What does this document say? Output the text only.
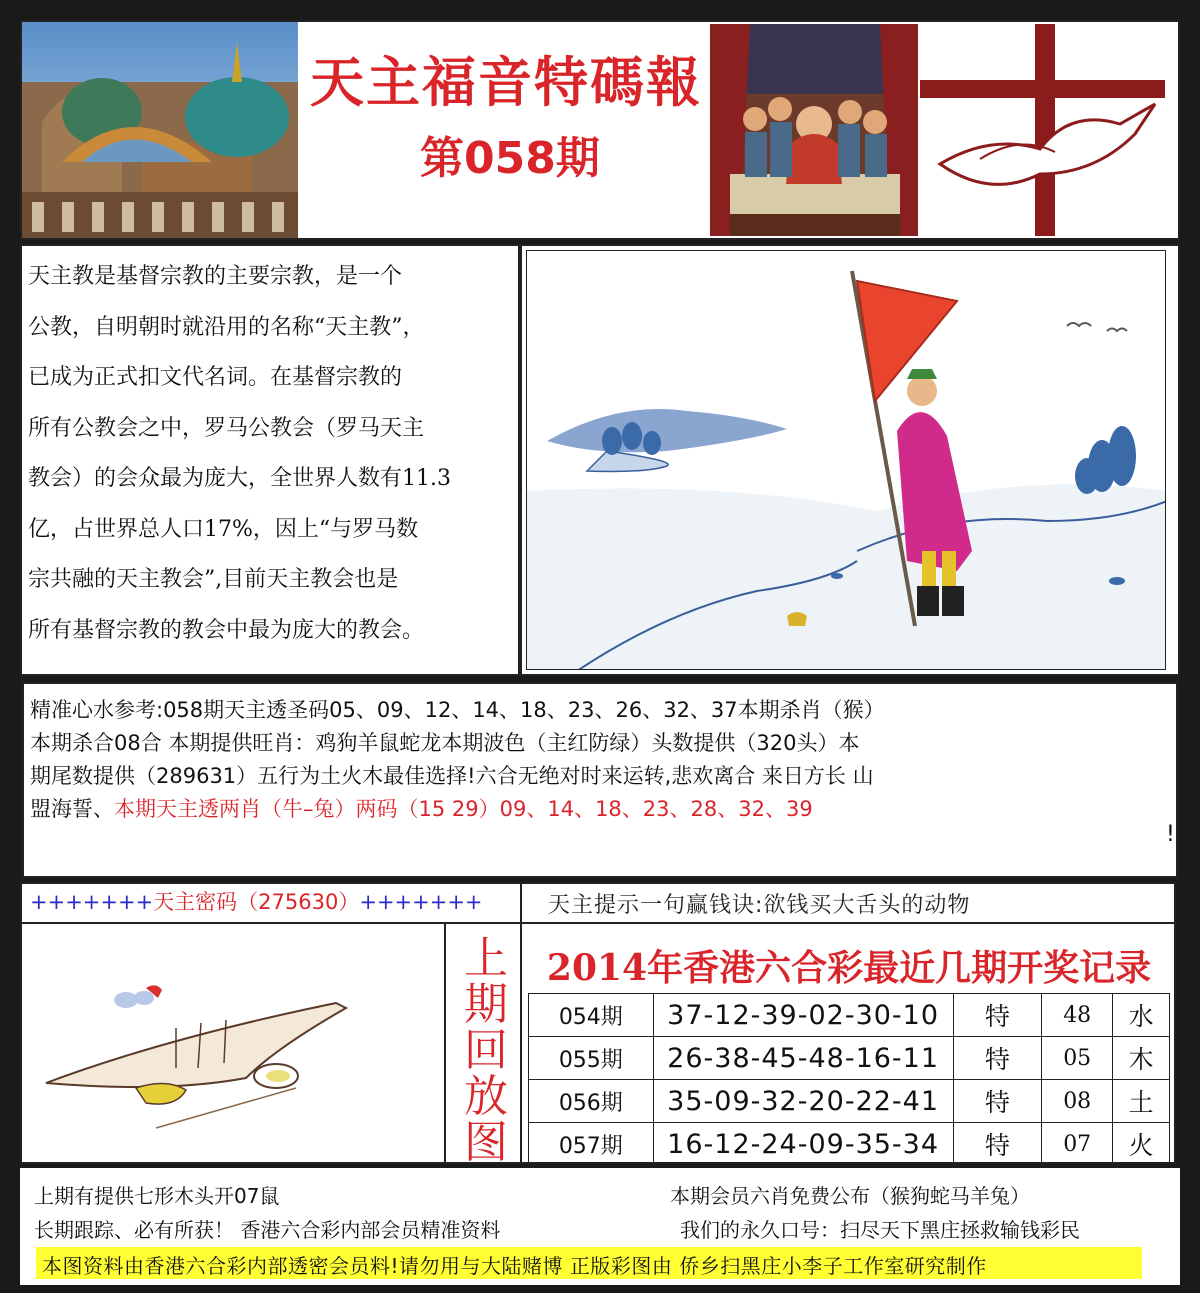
天主福音特碼報
第058期
天主教是基督宗教的主要宗教，是一个
公教，自明朝时就沿用的名称“天主教”，
已成为正式扣文代名词。在基督宗教的
所有公教会之中，罗马公教会（罗马天主
教会）的会众最为庞大，全世界人数有11.3
亿，占世界总人口17%，因上“与罗马数
宗共融的天主教会”,目前天主教会也是
所有基督宗教的教会中最为庞大的教会。
精准心水参考:058期天主透圣码05、09、12、14、18、23、26、32、37本期杀肖（猴）
本期杀合08合 本期提供旺肖：鸡狗羊鼠蛇龙本期波色（主红防绿）头数提供（320头）本
期尾数提供（289631）五行为土火木最佳选择!六合无绝对时来运转,悲欢离合 来日方长 山
盟海誓、本期天主透两肖（牛–兔）两码（15 29）09、14、18、23、28、32、39
!
+++++++天主密码（275630）+++++++	天主提示一句赢钱诀:欲钱买大舌头的动物
上
期
回
放
图
2014年香港六合彩最近几期开奖记录
054期	37-12-39-02-30-10	特	48	水
055期	26-38-45-48-16-11	特	05	木
056期	35-09-32-20-22-41	特	08	土
057期	16-12-24-09-35-34	特	07	火
上期有提供七形木头开07鼠	本期会员六肖免费公布（猴狗蛇马羊兔）
长期跟踪、必有所获！ 香港六合彩内部会员精准资料	我们的永久口号：扫尽天下黑庄拯救输钱彩民
本图资料由香港六合彩内部透密会员料!请勿用与大陆赌博 正版彩图由 侨乡扫黑庄小李子工作室研究制作
